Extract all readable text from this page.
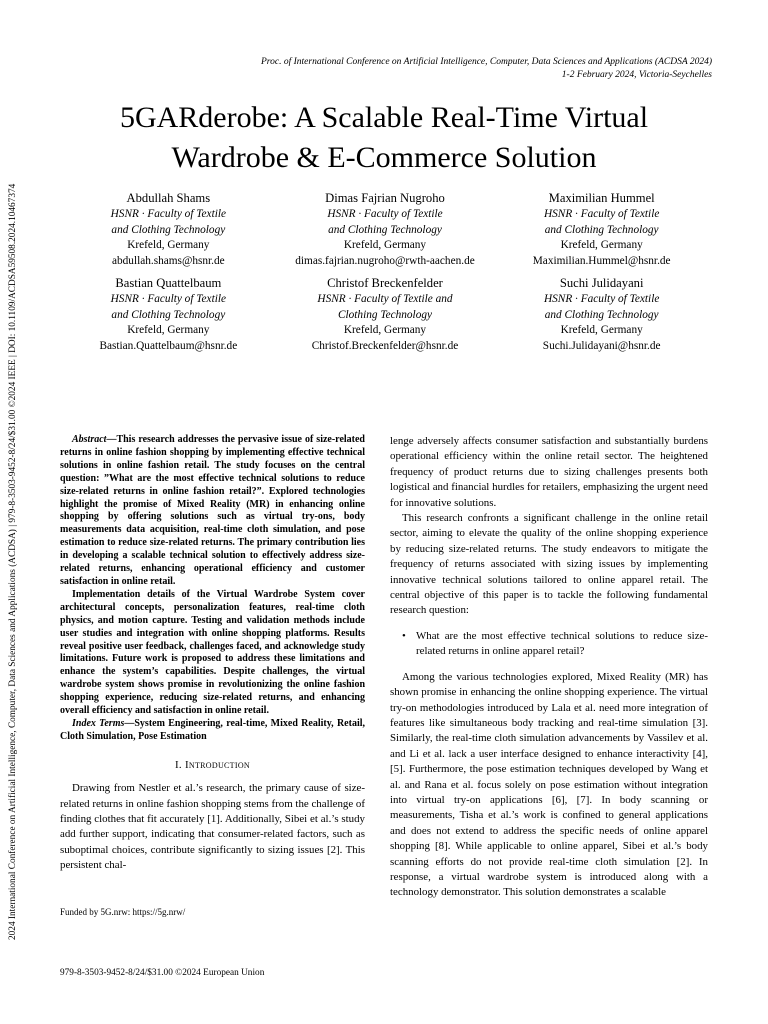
2024 International Conference on Artificial Intelligence, Computer, Data Sciences and Applications (ACDSA) | 979-8-3503-9452-8/24/$31.00 ©2024 IEEE | DOI: 10.1109/ACDSA59508.2024.10467374
Proc. of International Conference on Artificial Intelligence, Computer, Data Sciences and Applications (ACDSA 2024)
1-2 February 2024, Victoria-Seychelles
5GARderobe: A Scalable Real-Time Virtual
Wardrobe & E-Commerce Solution
Abdullah Shams
HSNR · Faculty of Textile
and Clothing Technology
Krefeld, Germany
abdullah.shams@hsnr.de
Dimas Fajrian Nugroho
HSNR · Faculty of Textile
and Clothing Technology
Krefeld, Germany
dimas.fajrian.nugroho@rwth-aachen.de
Maximilian Hummel
HSNR · Faculty of Textile
and Clothing Technology
Krefeld, Germany
Maximilian.Hummel@hsnr.de
Bastian Quattelbaum
HSNR · Faculty of Textile
and Clothing Technology
Krefeld, Germany
Bastian.Quattelbaum@hsnr.de
Christof Breckenfelder
HSNR · Faculty of Textile and
Clothing Technology
Krefeld, Germany
Christof.Breckenfelder@hsnr.de
Suchi Julidayani
HSNR · Faculty of Textile
and Clothing Technology
Krefeld, Germany
Suchi.Julidayani@hsnr.de

Abstract—This research addresses the pervasive issue of size-related returns in online fashion shopping by implementing effective technical solutions in online fashion retail. The study focuses on the central question: ”What are the most effective technical solutions to reduce size-related returns in online fashion retail?”. Explored technologies highlight the promise of Mixed Reality (MR) in enhancing online shopping by offering solutions such as virtual try-ons, body measurements data acquisition, real-time cloth simulation, and pose estimation to reduce size-related returns. The primary contribution lies in developing a scalable technical solution to effectively address size-related returns, enhancing operational efficiency and customer satisfaction in online retail.

Implementation details of the Virtual Wardrobe System cover architectural concepts, personalization features, real-time cloth physics, and motion capture. Testing and validation methods include user studies and integration with online shopping platforms. Results reveal positive user feedback, challenges faced, and acknowledge study limitations. Future work is proposed to address these limitations and enhance the system’s capabilities. Despite challenges, the virtual wardrobe system shows promise in revolutionizing the online fashion shopping experience, reducing size-related returns, and enhancing overall efficiency and satisfaction in online retail.

Index Terms—System Engineering, real-time, Mixed Reality, Retail, Cloth Simulation, Pose Estimation

I. Introduction

Drawing from Nestler et al.’s research, the primary cause of size-related returns in online fashion shopping stems from the challenge of finding clothes that fit accurately [1]. Additionally, Sibei et al.’s study add further support, indicating that consumer-related factors, such as suboptimal choices, contribute significantly to sizing issues [2]. This persistent chal-

lenge adversely affects consumer satisfaction and substantially burdens operational efficiency within the online retail sector. The heightened frequency of product returns due to sizing challenges presents both logistical and financial hurdles for retailers, emphasizing the urgent need for innovative solutions.

This research confronts a significant challenge in the online retail sector, aiming to elevate the quality of the online shopping experience by reducing size-related returns. The study endeavors to mitigate the frequency of returns associated with sizing issues by implementing innovative technical solutions tailored to online apparel retail. The central objective of this paper is to tackle the following fundamental research question:

• What are the most effective technical solutions to reduce size-related returns in online apparel retail?

Among the various technologies explored, Mixed Reality (MR) has shown promise in enhancing the online shopping experience. The virtual try-on methodologies introduced by Lala et al. need more integration of features like simultaneous body tracking and real-time simulation [3]. Similarly, the real-time cloth simulation advancements by Vassilev et al. and Li et al. lack a user interface designed to enhance interactivity [4], [5]. Furthermore, the pose estimation techniques developed by Wang et al. and Rana et al. focus solely on pose estimation without integration into virtual try-on applications [6], [7]. In body scanning or measurements, Tisha et al.’s work is confined to general applications and does not extend to address the specific needs of online apparel shopping [8]. While applicable to online apparel, Sibei et al.’s body scanning efforts do not provide real-time cloth simulation [2]. In response, a virtual wardrobe system is introduced along with a technology demonstrator. This solution demonstrates a scalable

Funded by 5G.nrw: https://5g.nrw/
979-8-3503-9452-8/24/$31.00 ©2024 European Union
